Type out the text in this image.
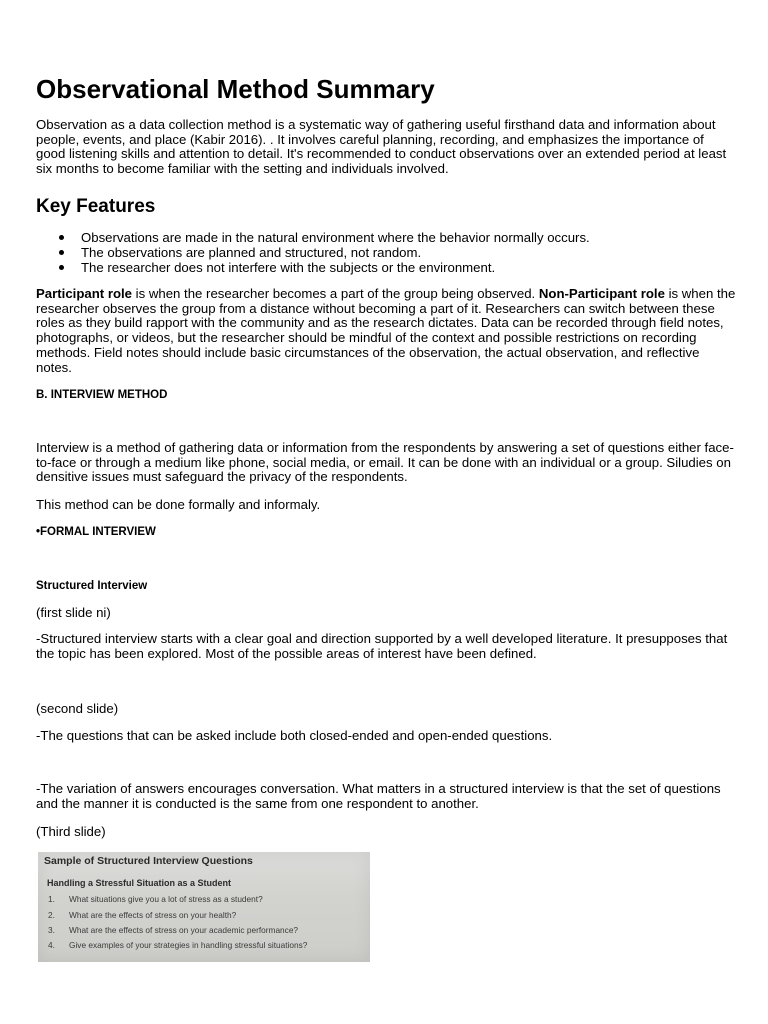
Observational Method Summary

Observation as a data collection method is a systematic way of gathering useful firsthand data and information about people, events, and place (Kabir 2016). . It involves careful planning, recording, and emphasizes the importance of good listening skills and attention to detail. It's recommended to conduct observations over an extended period at least six months to become familiar with the setting and individuals involved.

Key Features
Observations are made in the natural environment where the behavior normally occurs.
The observations are planned and structured, not random.
The researcher does not interfere with the subjects or the environment.

Participant role is when the researcher becomes a part of the group being observed. Non-Participant role is when the researcher observes the group from a distance without becoming a part of it. Researchers can switch between these roles as they build rapport with the community and as the research dictates. Data can be recorded through field notes, photographs, or videos, but the researcher should be mindful of the context and possible restrictions on recording methods. Field notes should include basic circumstances of the observation, the actual observation, and reflective notes.

B. INTERVIEW METHOD

Interview is a method of gathering data or information from the respondents by answering a set of questions either face-to-face or through a medium like phone, social media, or email. It can be done with an individual or a group. Siludies on densitive issues must safeguard the privacy of the respondents.

This method can be done formally and informaly.

•FORMAL INTERVIEW

Structured Interview

(first slide ni)

-Structured interview starts with a clear goal and direction supported by a well developed literature. It presupposes that the topic has been explored. Most of the possible areas of interest have been defined.

(second slide)

-The questions that can be asked include both closed-ended and open-ended questions.

-The variation of answers encourages conversation. What matters in a structured interview is that the set of questions and the manner it is conducted is the same from one respondent to another.

(Third slide)

Sample of Structured Interview Questions
Handling a Stressful Situation as a Student
1. What situations give you a lot of stress as a student?
2. What are the effects of stress on your health?
3. What are the effects of stress on your academic performance?
4. Give examples of your strategies in handling stressful situations?
